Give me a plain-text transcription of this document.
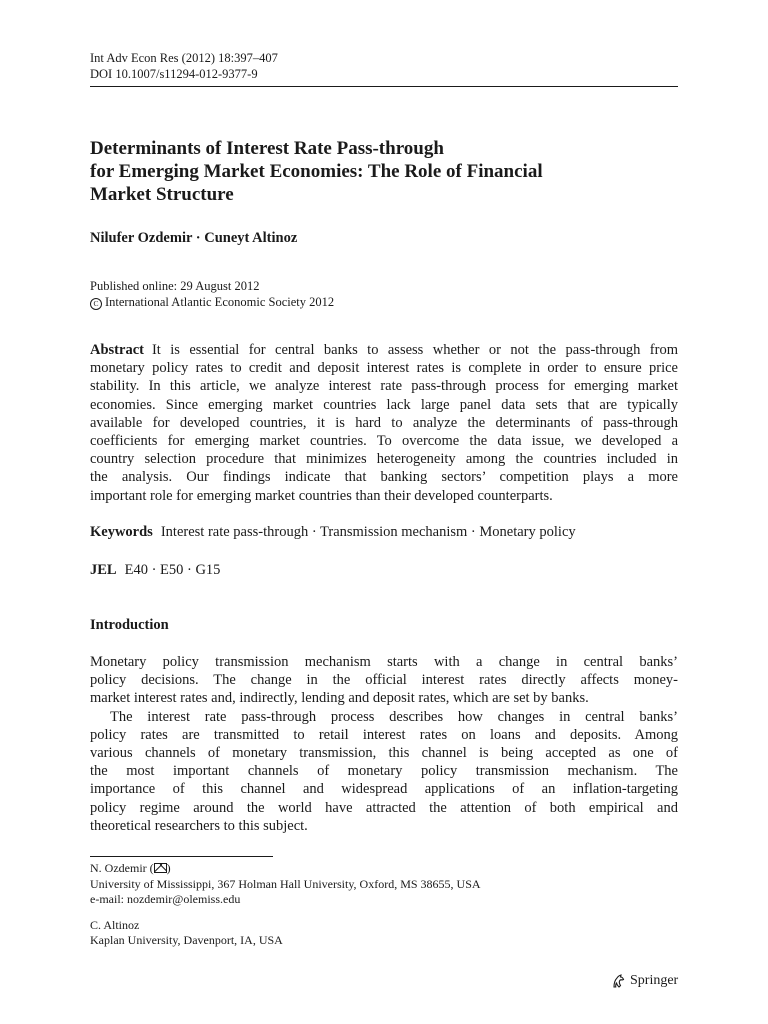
Int Adv Econ Res (2012) 18:397–407
DOI 10.1007/s11294-012-9377-9
Determinants of Interest Rate Pass-through
for Emerging Market Economies: The Role of Financial
Market Structure
Nilufer Ozdemir · Cuneyt Altinoz
Published online: 29 August 2012
C International Atlantic Economic Society 2012
Abstract It is essential for central banks to assess whether or not the pass-through from
monetary policy rates to credit and deposit interest rates is complete in order to ensure price
stability. In this article, we analyze interest rate pass-through process for emerging market
economies. Since emerging market countries lack large panel data sets that are typically
available for developed countries, it is hard to analyze the determinants of pass-through
coefficients for emerging market countries. To overcome the data issue, we developed a
country selection procedure that minimizes heterogeneity among the countries included in
the analysis. Our findings indicate that banking sectors’ competition plays a more
important role for emerging market countries than their developed counterparts.
Keywords Interest rate pass-through · Transmission mechanism · Monetary policy
JEL E40 · E50 · G15
Introduction
Monetary policy transmission mechanism starts with a change in central banks’
policy decisions. The change in the official interest rates directly affects money-
market interest rates and, indirectly, lending and deposit rates, which are set by banks.
The interest rate pass-through process describes how changes in central banks’
policy rates are transmitted to retail interest rates on loans and deposits. Among
various channels of monetary transmission, this channel is being accepted as one of
the most important channels of monetary policy transmission mechanism. The
importance of this channel and widespread applications of an inflation-targeting
policy regime around the world have attracted the attention of both empirical and
theoretical researchers to this subject.
N. Ozdemir ( )
University of Mississippi, 367 Holman Hall University, Oxford, MS 38655, USA
e-mail: nozdemir@olemiss.edu
C. Altinoz
Kaplan University, Davenport, IA, USA
Springer
